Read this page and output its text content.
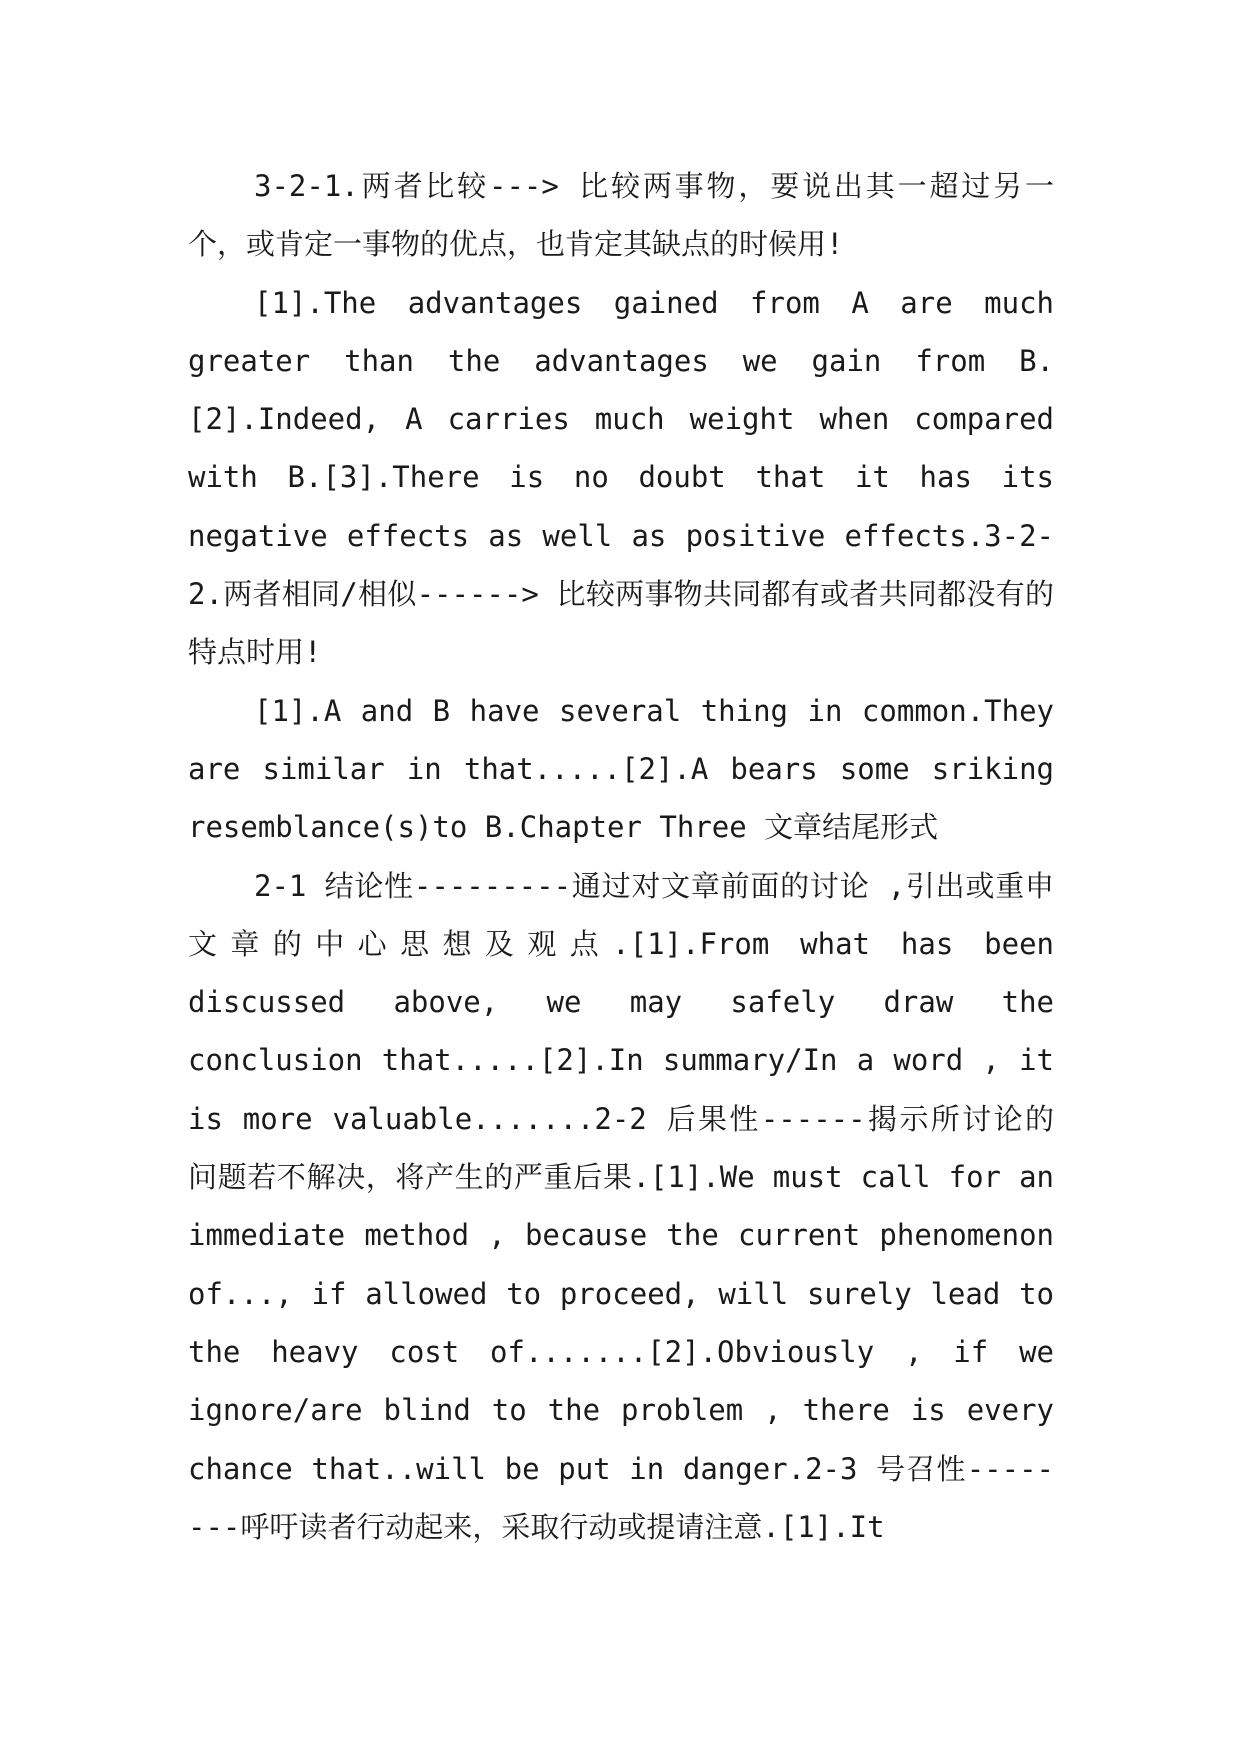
3-2-1.两者比较---> 比较两事物，要说出其一超过另一个，或肯定一事物的优点，也肯定其缺点的时候用!

[1].The advantages gained from A are much greater than the advantages we gain from B.[2].Indeed, A carries much weight when compared with B.[3].There is no doubt that it has its negative effects as well as positive effects.3-2-2.两者相同/相似------> 比较两事物共同都有或者共同都没有的特点时用!

[1].A and B have several thing in common.They are similar in that.....[2].A bears some sriking resemblance(s)to B.Chapter Three 文章结尾形式

2-1 结论性---------通过对文章前面的讨论 ,引出或重申文章的中心思想及观点.[1].From what has been discussed above, we may safely draw the conclusion that.....[2].In summary/In a word , it is more valuable.......2-2 后果性------揭示所讨论的问题若不解决，将产生的严重后果.[1].We must call for an immediate method , because the current phenomenon of..., if allowed to proceed, will surely lead to the heavy cost of.......[2].Obviously , if we ignore/are blind to the problem , there is every chance that..will be put in danger.2-3 号召性--------呼吁读者行动起来，采取行动或提请注意.[1].It
